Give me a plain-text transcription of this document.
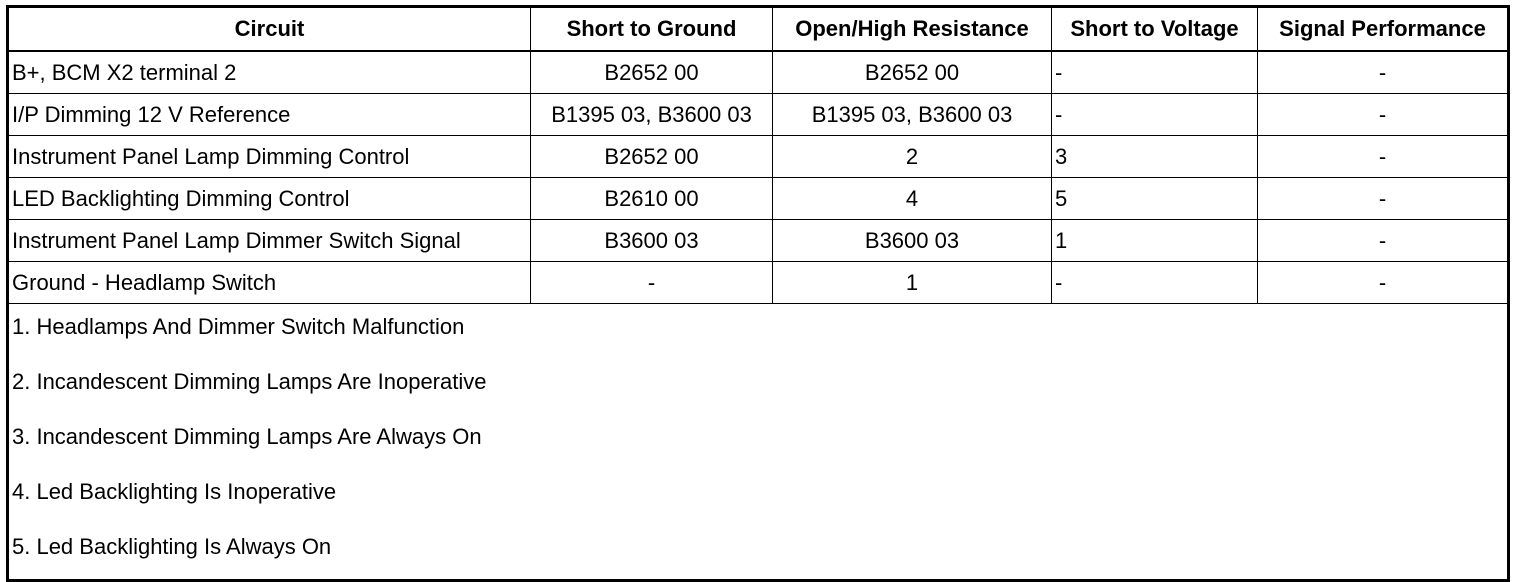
Circuit	Short to Ground	Open/High Resistance	Short to Voltage	Signal Performance
B+, BCM X2 terminal 2	B2652 00	B2652 00	-	-
I/P Dimming 12 V Reference	B1395 03, B3600 03	B1395 03, B3600 03	-	-
Instrument Panel Lamp Dimming Control	B2652 00	2	3	-
LED Backlighting Dimming Control	B2610 00	4	5	-
Instrument Panel Lamp Dimmer Switch Signal	B3600 03	B3600 03	1	-
Ground - Headlamp Switch	-	1	-	-

1. Headlamps And Dimmer Switch Malfunction
2. Incandescent Dimming Lamps Are Inoperative
3. Incandescent Dimming Lamps Are Always On
4. Led Backlighting Is Inoperative
5. Led Backlighting Is Always On				
